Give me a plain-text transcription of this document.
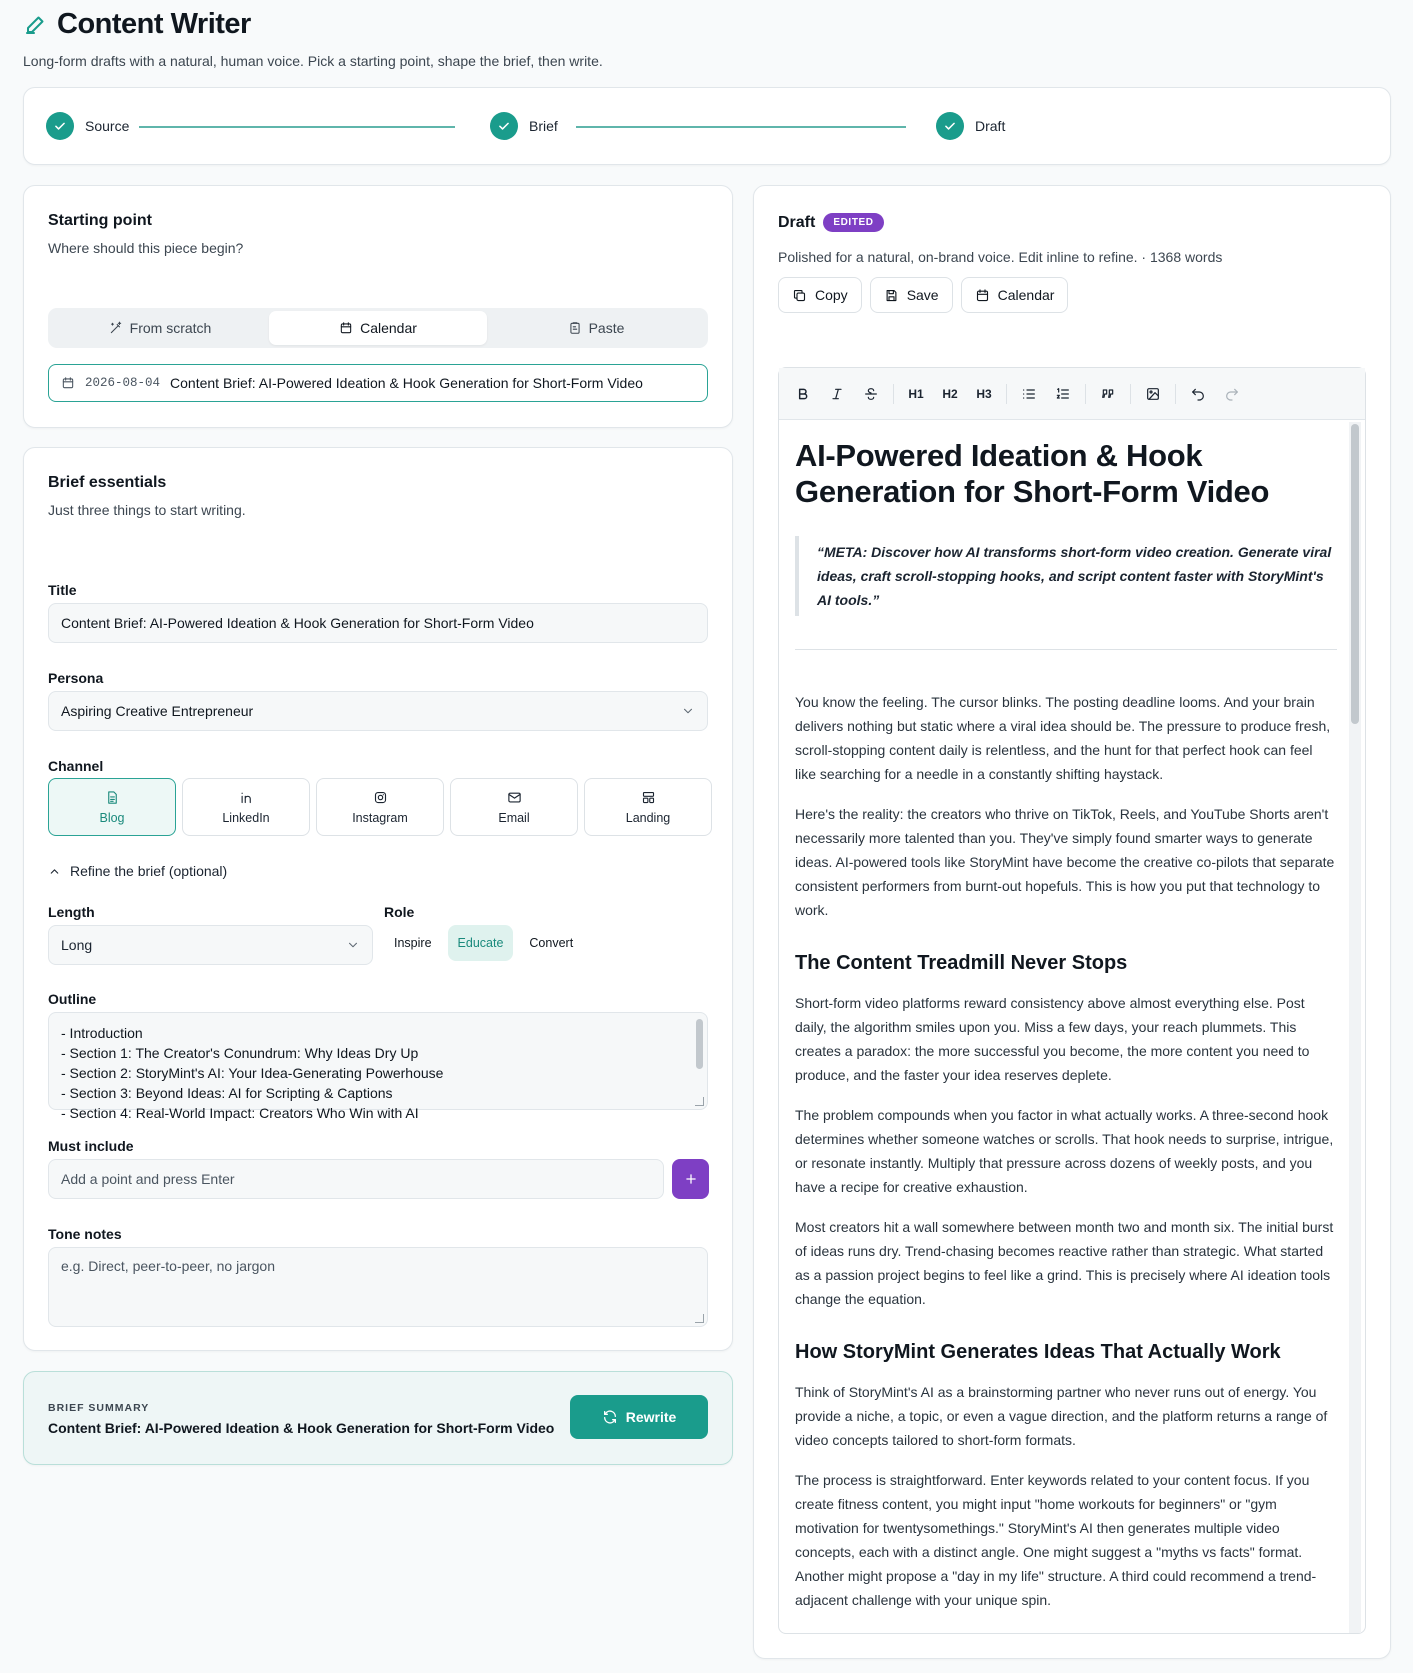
Content Writer

Long-form drafts with a natural, human voice. Pick a starting point, shape the brief, then write.

Source	Brief	Draft
Starting point
Where should this piece begin?
From scratch	Calendar	Paste
2026-08-04 Content Brief: AI-Powered Ideation & Hook Generation for Short-Form Video
Brief essentials
Just three things to start writing.
Title
Content Brief: AI-Powered Ideation & Hook Generation for Short-Form Video
Persona
Aspiring Creative Entrepreneur
Channel
Blog	LinkedIn	Instagram	Email	Landing
Refine the brief (optional)
Length
Long
Role
Inspire	Educate	Convert
Outline
- Introduction
- Section 1: The Creator's Conundrum: Why Ideas Dry Up
- Section 2: StoryMint's AI: Your Idea-Generating Powerhouse
- Section 3: Beyond Ideas: AI for Scripting & Captions
- Section 4: Real-World Impact: Creators Who Win with AI
Must include
Add a point and press Enter
Tone notes
e.g. Direct, peer-to-peer, no jargon
BRIEF SUMMARY
Content Brief: AI-Powered Ideation & Hook Generation for Short-Form Video
Rewrite
Draft	EDITED
Polished for a natural, on-brand voice. Edit inline to refine. · 1368 words
Copy	Save	Calendar
H1	H2	H3
AI-Powered Ideation & Hook Generation for Short-Form Video
“META: Discover how AI transforms short-form video creation. Generate viral ideas, craft scroll-stopping hooks, and script content faster with StoryMint's AI tools.”

You know the feeling. The cursor blinks. The posting deadline looms. And your brain delivers nothing but static where a viral idea should be. The pressure to produce fresh, scroll-stopping content daily is relentless, and the hunt for that perfect hook can feel like searching for a needle in a constantly shifting haystack.

Here's the reality: the creators who thrive on TikTok, Reels, and YouTube Shorts aren't necessarily more talented than you. They've simply found smarter ways to generate ideas. AI-powered tools like StoryMint have become the creative co-pilots that separate consistent performers from burnt-out hopefuls. This is how you put that technology to work.

The Content Treadmill Never Stops

Short-form video platforms reward consistency above almost everything else. Post daily, the algorithm smiles upon you. Miss a few days, your reach plummets. This creates a paradox: the more successful you become, the more content you need to produce, and the faster your idea reserves deplete.

The problem compounds when you factor in what actually works. A three-second hook determines whether someone watches or scrolls. That hook needs to surprise, intrigue, or resonate instantly. Multiply that pressure across dozens of weekly posts, and you have a recipe for creative exhaustion.

Most creators hit a wall somewhere between month two and month six. The initial burst of ideas runs dry. Trend-chasing becomes reactive rather than strategic. What started as a passion project begins to feel like a grind. This is precisely where AI ideation tools change the equation.

How StoryMint Generates Ideas That Actually Work

Think of StoryMint's AI as a brainstorming partner who never runs out of energy. You provide a niche, a topic, or even a vague direction, and the platform returns a range of video concepts tailored to short-form formats.

The process is straightforward. Enter keywords related to your content focus. If you create fitness content, you might input "home workouts for beginners" or "gym motivation for twentysomethings." StoryMint's AI then generates multiple video concepts, each with a distinct angle. One might suggest a "myths vs facts" format. Another might propose a "day in my life" structure. A third could recommend a trend-adjacent challenge with your unique spin.
